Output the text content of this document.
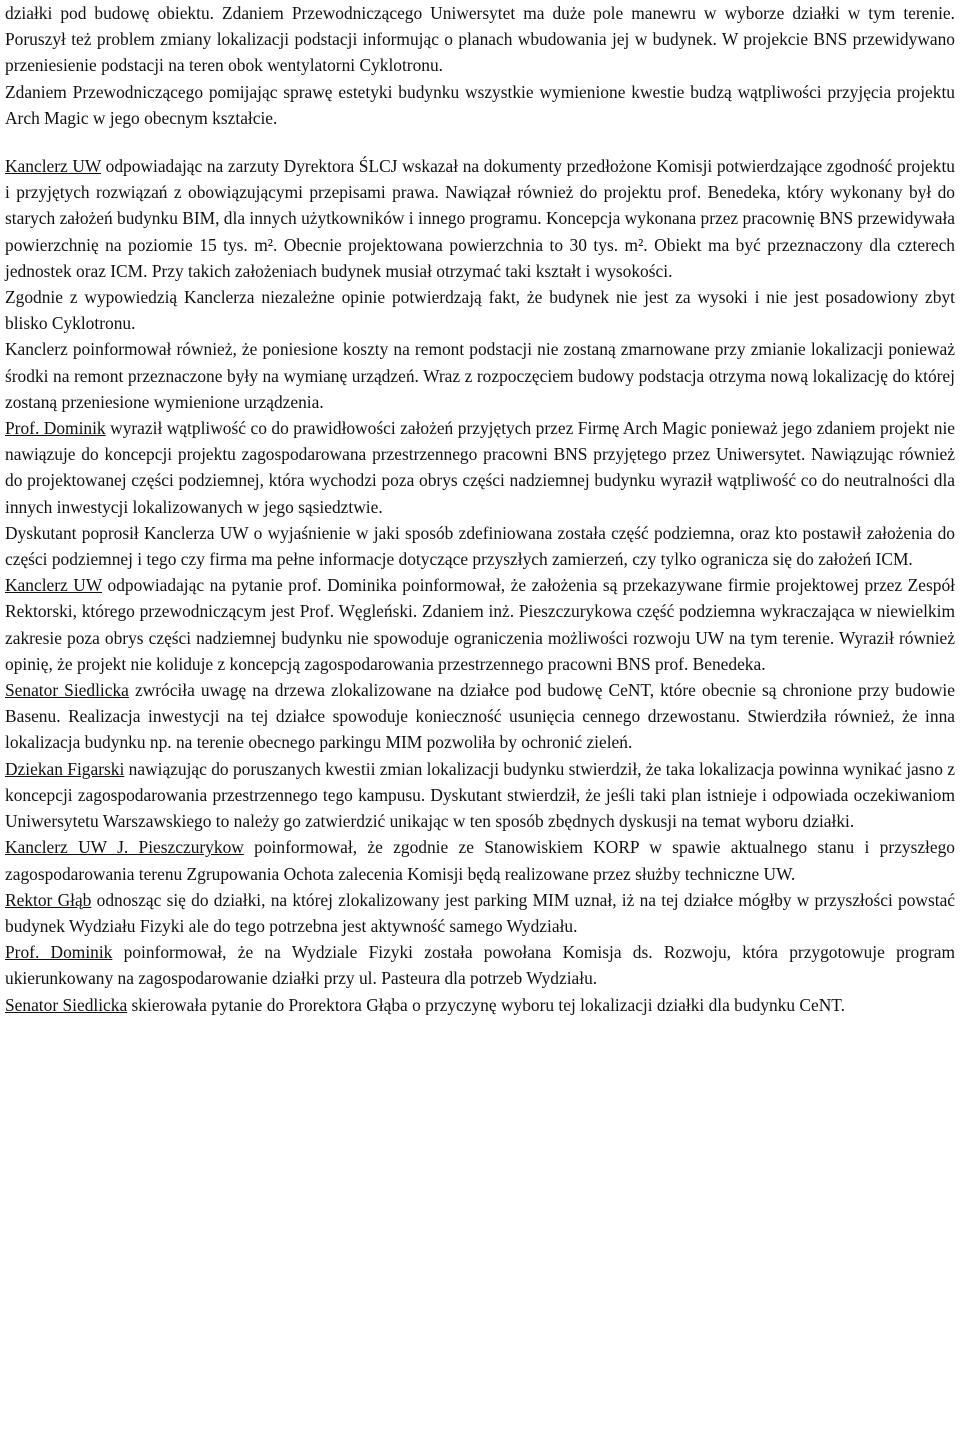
działki pod budowę obiektu. Zdaniem Przewodniczącego Uniwersytet ma duże pole manewru w wyborze działki w tym terenie. Poruszył też problem zmiany lokalizacji podstacji informując o planach wbudowania jej w budynek. W projekcie BNS przewidywano przeniesienie podstacji na teren obok wentylatorni Cyklotronu.

Zdaniem Przewodniczącego pomijając sprawę estetyki budynku wszystkie wymienione kwestie budzą wątpliwości przyjęcia projektu Arch Magic w jego obecnym kształcie.

Kanclerz UW odpowiadając na zarzuty Dyrektora ŚLCJ wskazał na dokumenty przedłożone Komisji potwierdzające zgodność projektu i przyjętych rozwiązań z obowiązującymi przepisami prawa. Nawiązał również do projektu prof. Benedeka, który wykonany był do starych założeń budynku BIM, dla innych użytkowników i innego programu. Koncepcja wykonana przez pracownię BNS przewidywała powierzchnię na poziomie 15 tys. m². Obecnie projektowana powierzchnia to 30 tys. m². Obiekt ma być przeznaczony dla czterech jednostek oraz ICM. Przy takich założeniach budynek musiał otrzymać taki kształt i wysokości.

Zgodnie z wypowiedzią Kanclerza niezależne opinie potwierdzają fakt, że budynek nie jest za wysoki i nie jest posadowiony zbyt blisko Cyklotronu.

Kanclerz poinformował również, że poniesione koszty na remont podstacji nie zostaną zmarnowane przy zmianie lokalizacji ponieważ środki na remont przeznaczone były na wymianę urządzeń. Wraz z rozpoczęciem budowy podstacja otrzyma nową lokalizację do której zostaną przeniesione wymienione urządzenia.

Prof. Dominik wyraził wątpliwość co do prawidłowości założeń przyjętych przez Firmę Arch Magic ponieważ jego zdaniem projekt nie nawiązuje do koncepcji projektu zagospodarowana przestrzennego pracowni BNS przyjętego przez Uniwersytet. Nawiązując również do projektowanej części podziemnej, która wychodzi poza obrys części nadziemnej budynku wyraził wątpliwość co do neutralności dla innych inwestycji lokalizowanych w jego sąsiedztwie.

Dyskutant poprosił Kanclerza UW o wyjaśnienie w jaki sposób zdefiniowana została część podziemna, oraz kto postawił założenia do części podziemnej i tego czy firma ma pełne informacje dotyczące przyszłych zamierzeń, czy tylko ogranicza się do założeń ICM.

Kanclerz UW odpowiadając na pytanie prof. Dominika poinformował, że założenia są przekazywane firmie projektowej przez Zespół Rektorski, którego przewodniczącym jest Prof. Węgleński. Zdaniem inż. Pieszczurykowa część podziemna wykraczająca w niewielkim zakresie poza obrys części nadziemnej budynku nie spowoduje ograniczenia możliwości rozwoju UW na tym terenie. Wyraził również opinię, że projekt nie koliduje z koncepcją zagospodarowania przestrzennego pracowni BNS prof. Benedeka.

Senator Siedlicka zwróciła uwagę na drzewa zlokalizowane na działce pod budowę CeNT, które obecnie są chronione przy budowie Basenu. Realizacja inwestycji na tej działce spowoduje konieczność usunięcia cennego drzewostanu. Stwierdziła również, że inna lokalizacja budynku np. na terenie obecnego parkingu MIM pozwoliła by ochronić zieleń.

Dziekan Figarski nawiązując do poruszanych kwestii zmian lokalizacji budynku stwierdził, że taka lokalizacja powinna wynikać jasno z koncepcji zagospodarowania przestrzennego tego kampusu. Dyskutant stwierdził, że jeśli taki plan istnieje i odpowiada oczekiwaniom Uniwersytetu Warszawskiego to należy go zatwierdzić unikając w ten sposób zbędnych dyskusji na temat wyboru działki.

Kanclerz UW J. Pieszczurykow poinformował, że zgodnie ze Stanowiskiem KORP w spawie aktualnego stanu i przyszłego zagospodarowania terenu Zgrupowania Ochota zalecenia Komisji będą realizowane przez służby techniczne UW.

Rektor Głąb odnosząc się do działki, na której zlokalizowany jest parking MIM uznał, iż na tej działce mógłby w przyszłości powstać budynek Wydziału Fizyki ale do tego potrzebna jest aktywność samego Wydziału.

Prof. Dominik poinformował, że na Wydziale Fizyki została powołana Komisja ds. Rozwoju, która przygotowuje program ukierunkowany na zagospodarowanie działki przy ul. Pasteura dla potrzeb Wydziału.

Senator Siedlicka skierowała pytanie do Prorektora Głąba o przyczynę wyboru tej lokalizacji działki dla budynku CeNT.
